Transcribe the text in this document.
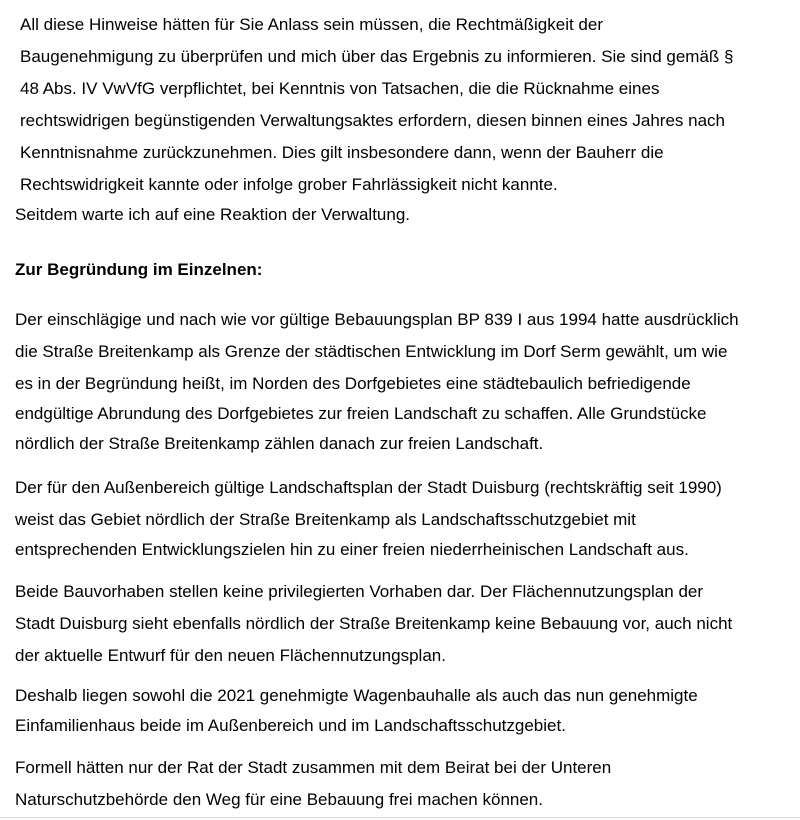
All diese Hinweise hätten für Sie Anlass sein müssen, die Rechtmäßigkeit der
Baugenehmigung zu überprüfen und mich über das Ergebnis zu informieren. Sie sind gemäß §
48 Abs. IV VwVfG verpflichtet, bei Kenntnis von Tatsachen, die die Rücknahme eines
rechtswidrigen begünstigenden Verwaltungsaktes erfordern, diesen binnen eines Jahres nach
Kenntnisnahme zurückzunehmen. Dies gilt insbesondere dann, wenn der Bauherr die
Rechtswidrigkeit kannte oder infolge grober Fahrlässigkeit nicht kannte.
Seitdem warte ich auf eine Reaktion der Verwaltung.
Zur Begründung im Einzelnen:
Der einschlägige und nach wie vor gültige Bebauungsplan BP 839 I aus 1994 hatte ausdrücklich
die Straße Breitenkamp als Grenze der städtischen Entwicklung im Dorf Serm gewählt, um wie
es in der Begründung heißt, im Norden des Dorfgebietes eine städtebaulich befriedigende
endgültige Abrundung des Dorfgebietes zur freien Landschaft zu schaffen. Alle Grundstücke
nördlich der Straße Breitenkamp zählen danach zur freien Landschaft.
Der für den Außenbereich gültige Landschaftsplan der Stadt Duisburg (rechtskräftig seit 1990)
weist das Gebiet nördlich der Straße Breitenkamp als Landschaftsschutzgebiet mit
entsprechenden Entwicklungszielen hin zu einer freien niederrheinischen Landschaft aus.
Beide Bauvorhaben stellen keine privilegierten Vorhaben dar. Der Flächennutzungsplan der
Stadt Duisburg sieht ebenfalls nördlich der Straße Breitenkamp keine Bebauung vor, auch nicht
der aktuelle Entwurf für den neuen Flächennutzungsplan.
Deshalb liegen sowohl die 2021 genehmigte Wagenbauhalle als auch das nun genehmigte
Einfamilienhaus beide im Außenbereich und im Landschaftsschutzgebiet.
Formell hätten nur der Rat der Stadt zusammen mit dem Beirat bei der Unteren
Naturschutzbehörde den Weg für eine Bebauung frei machen können.
